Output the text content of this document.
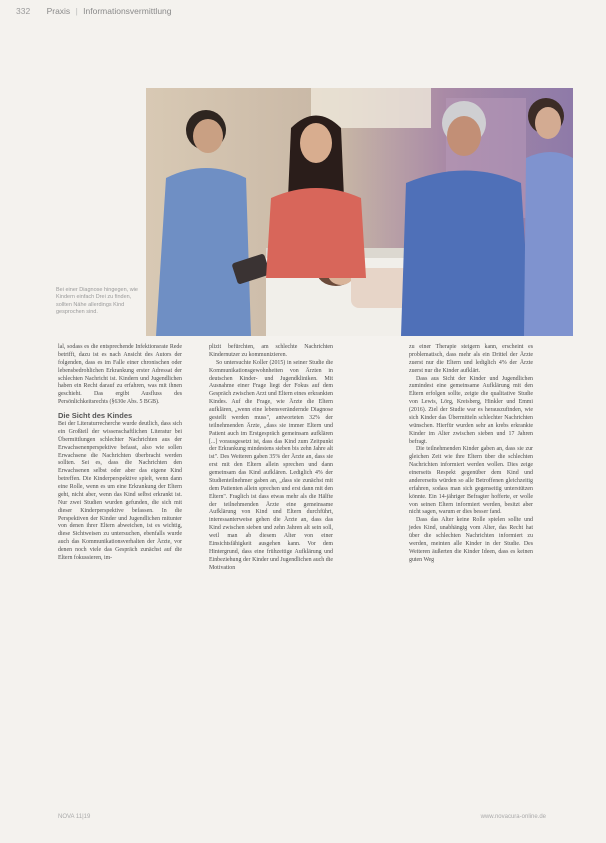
332 Praxis | Informationsvermittlung
Bei einer Diagnose hingegen, wie Kindern einfach Drei zu finden, sollten Nähe allerdings Kind gesprochen sind.

lal, sodass es die entsprechende Infektionsrate Rede betrifft, dazu ist es nach Ansicht des Autors der folgenden, dass es im Falle einer chronischen oder lebensbedrohlichen Erkrankung erster Adressat der schlechten Nachricht ist. Kindern und Jugendlichen haben ein Recht darauf zu erfahren, was mit ihnen geschieht. Das ergibt Ausfluss des Persönlichkeitsrechts (§630e Abs. 5 BGB).

Die Sicht des Kindes

Bei der Literaturrecherche wurde deutlich, dass sich ein Großteil der wissenschaftlichen Literatur bei Übermittlungen schlechter Nachrichten aus der Erwachsenenperspektive befasst, also wie sollen Erwachsene die Nachrichten überbracht werden sollten. Sei es, dass die Nachrichten den Erwachsenen selbst oder aber das eigene Kind betreffen. Die Kinderperspektive spielt, wenn dann eine Rolle, wenn es um eine Erkrankung der Eltern geht, nicht aber, wenn das Kind selbst erkrankt ist. Nur zwei Studien wurden gefunden, die sich mit dieser Kinderperspektive befassen. In die Perspektiven der Kinder und Jugendlichen mitunter von denen ihrer Eltern abweichen, ist es wichtig, diese Sichtweisen zu untersuchen, ebenfalls wurde auch das Kommunikationsverhalten der Ärzte, vor denen noch viele das Gespräch zunächst auf die Eltern fokussieren, im-

plizit befürchten, am schlechte Nachrichten Kindernutzer zu kommunizieren.

So untersuchte Koller (2015) in seiner Studie die Kommunikationsgewohnheiten von Ärzten in deutschen Kinder- und Jugendkliniken. Mit Ausnahme einer Frage liegt der Fokus auf dem Gespräch zwischen Arzt und Eltern eines erkrankten Kindes. Auf die Frage, wie Ärzte die Eltern aufklären, „wenn eine lebensverändernde Diagnose gestellt werden muss", antworteten 32% der teilnehmenden Ärzte, „dass sie immer Eltern und Patient auch im Erstgespräch gemeinsam aufklären [...] vorausgesetzt ist, dass das Kind zum Zeitpunkt der Erkrankung mindestens sieben bis zehn Jahre alt ist". Des Weiteren gaben 35% der Ärzte an, dass sie erst mit den Eltern allein sprechen und dann gemeinsam das Kind aufklären. Lediglich 4% der Studienteilnehmer gaben an, „dass sie zunächst mit dem Patienten allein sprechen und erst dann mit den Eltern". Fraglich ist dass etwas mehr als die Hälfte der teilnehmenden Ärzte eine gemeinsame Aufklärung von Kind und Eltern durchführt, interessanterweise gehen die Ärzte an, dass das Kind zwischen sieben und zehn Jahren alt sein soll, weil man ab diesem Alter von einer Einsichtsfähigkeit ausgehen kann. Vor dem Hintergrund, dass eine frühzeitige Aufklärung und Einbeziehung der Kinder und Jugendlichen auch die Motivation

zu einer Therapie steigern kann, erscheint es problematisch, dass mehr als ein Drittel der Ärzte zuerst nur die Eltern und lediglich 4% der Ärzte zuerst nur die Kinder aufklärt.

Dass aus Sicht der Kinder und Jugendlichen zumindest eine gemeinsame Aufklärung mit den Eltern erfolgen sollte, zeigte die qualitative Studie von Lewis, Lörg, Kreisberg, Hinkler und Emmi (2016). Ziel der Studie war es herauszufinden, wie sich Kinder das Übermitteln schlechter Nachrichten wünschen. Hierfür wurden sehr an krebs erkrankte Kinder im Alter zwischen sieben und 17 Jahren befragt.

Die teilnehmenden Kinder gaben an, dass sie zur gleichen Zeit wie ihre Eltern über die schlechten Nachrichten informiert werden wollen. Dies zeige einerseits Respekt gegenüber dem Kind und andererseits würden so alle Betroffenen gleichzeitig erfahren, sodass man sich gegenseitig unterstützen könnte. Ein 14-jähriger Befragter hofferte, er wolle von seinen Eltern informiert werden, besitzt aber nicht sagen, warum er dies besser fand.

Dass das Alter keine Rolle spielen sollte und jedes Kind, unabhängig vom Alter, das Recht hat über die schlechten Nachrichten informiert zu werden, meinten alle Kinder in der Studie. Des Weiteren äußerten die Kinder Ideen, dass es keinen guten Weg

NOVA 11|19	www.novacura-online.de
